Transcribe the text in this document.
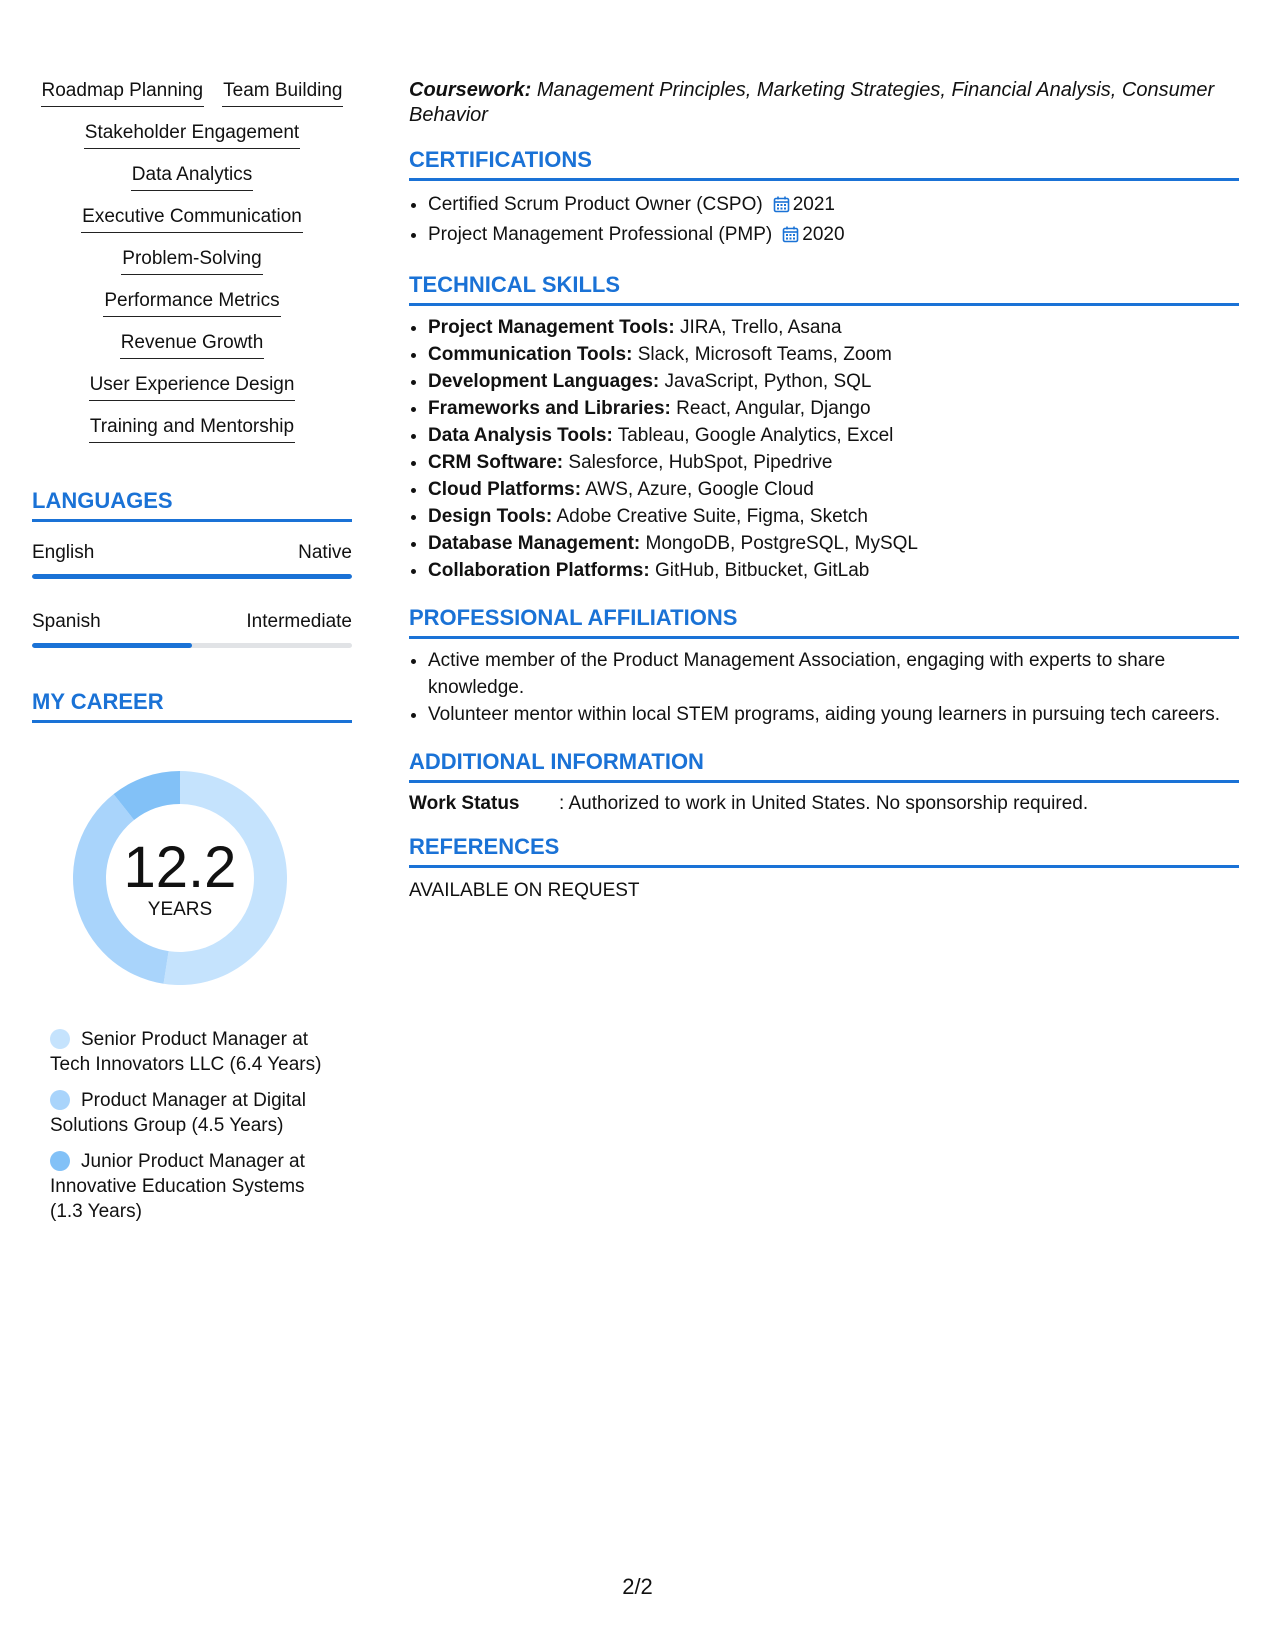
Roadmap Planning Team Building
Stakeholder Engagement
Data Analytics
Executive Communication
Problem-Solving
Performance Metrics
Revenue Growth
User Experience Design
Training and Mentorship
LANGUAGES
English	Native
Spanish	Intermediate
MY CAREER
12.2
YEARS
Senior Product Manager at Tech Innovators LLC (6.4 Years)
Product Manager at Digital Solutions Group (4.5 Years)
Junior Product Manager at Innovative Education Systems (1.3 Years)
Coursework: Management Principles, Marketing Strategies, Financial Analysis, Consumer Behavior
CERTIFICATIONS
• Certified Scrum Product Owner (CSPO) 2021
• Project Management Professional (PMP) 2020
TECHNICAL SKILLS
• Project Management Tools: JIRA, Trello, Asana
• Communication Tools: Slack, Microsoft Teams, Zoom
• Development Languages: JavaScript, Python, SQL
• Frameworks and Libraries: React, Angular, Django
• Data Analysis Tools: Tableau, Google Analytics, Excel
• CRM Software: Salesforce, HubSpot, Pipedrive
• Cloud Platforms: AWS, Azure, Google Cloud
• Design Tools: Adobe Creative Suite, Figma, Sketch
• Database Management: MongoDB, PostgreSQL, MySQL
• Collaboration Platforms: GitHub, Bitbucket, GitLab
PROFESSIONAL AFFILIATIONS
• Active member of the Product Management Association, engaging with experts to share knowledge.
• Volunteer mentor within local STEM programs, aiding young learners in pursuing tech careers.
ADDITIONAL INFORMATION
Work Status	: Authorized to work in United States. No sponsorship required.
REFERENCES
AVAILABLE ON REQUEST
2/2
